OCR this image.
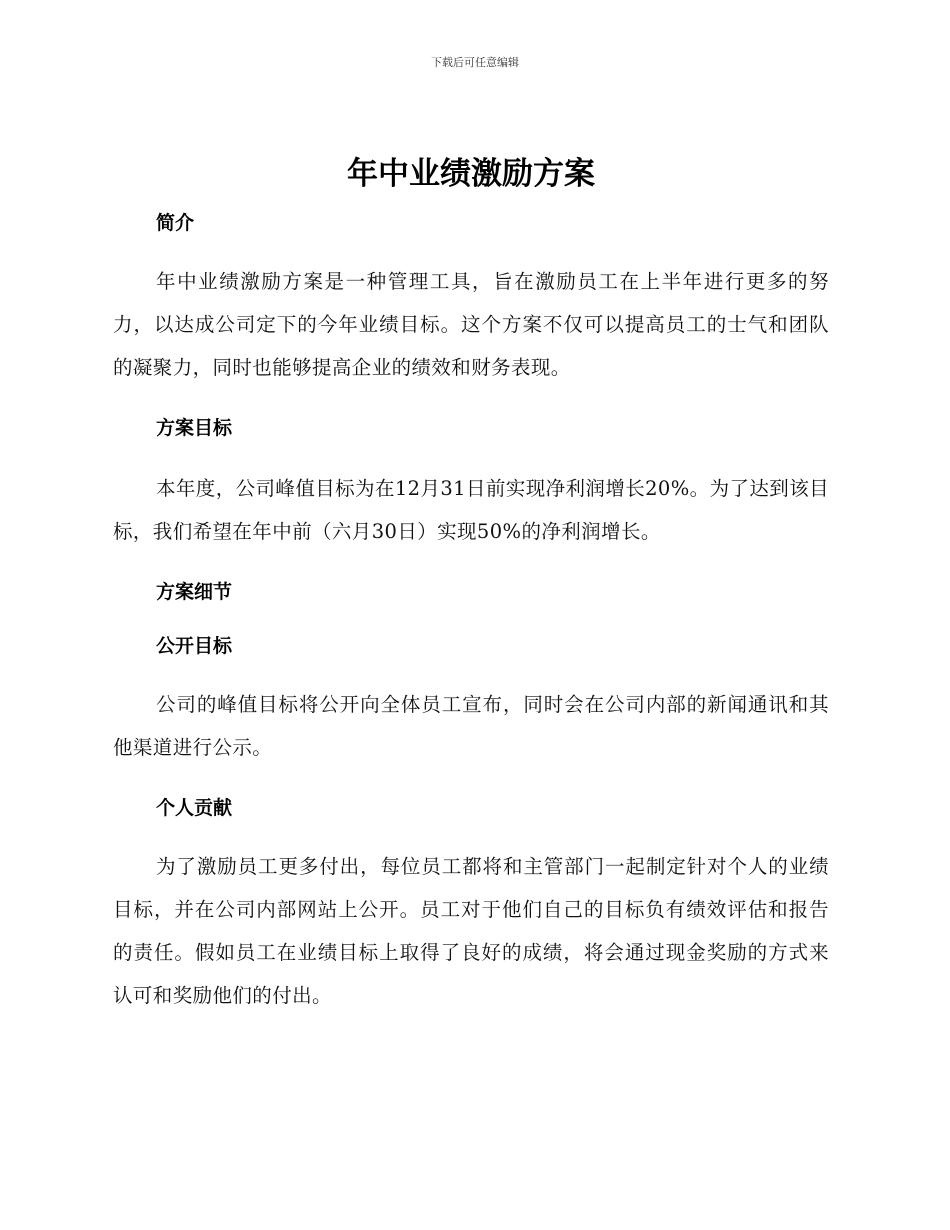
下载后可任意编辑
年中业绩激励方案
简介

年中业绩激励方案是一种管理工具，旨在激励员工在上半年进行更多的努力，以达成公司定下的今年业绩目标。这个方案不仅可以提高员工的士气和团队的凝聚力，同时也能够提高企业的绩效和财务表现。

方案目标

本年度，公司峰值目标为在12月31日前实现净利润增长20%。为了达到该目标，我们希望在年中前（六月30日）实现50%的净利润增长。

方案细节
公开目标

公司的峰值目标将公开向全体员工宣布，同时会在公司内部的新闻通讯和其他渠道进行公示。

个人贡献

为了激励员工更多付出，每位员工都将和主管部门一起制定针对个人的业绩目标，并在公司内部网站上公开。员工对于他们自己的目标负有绩效评估和报告的责任。假如员工在业绩目标上取得了良好的成绩，将会通过现金奖励的方式来认可和奖励他们的付出。
